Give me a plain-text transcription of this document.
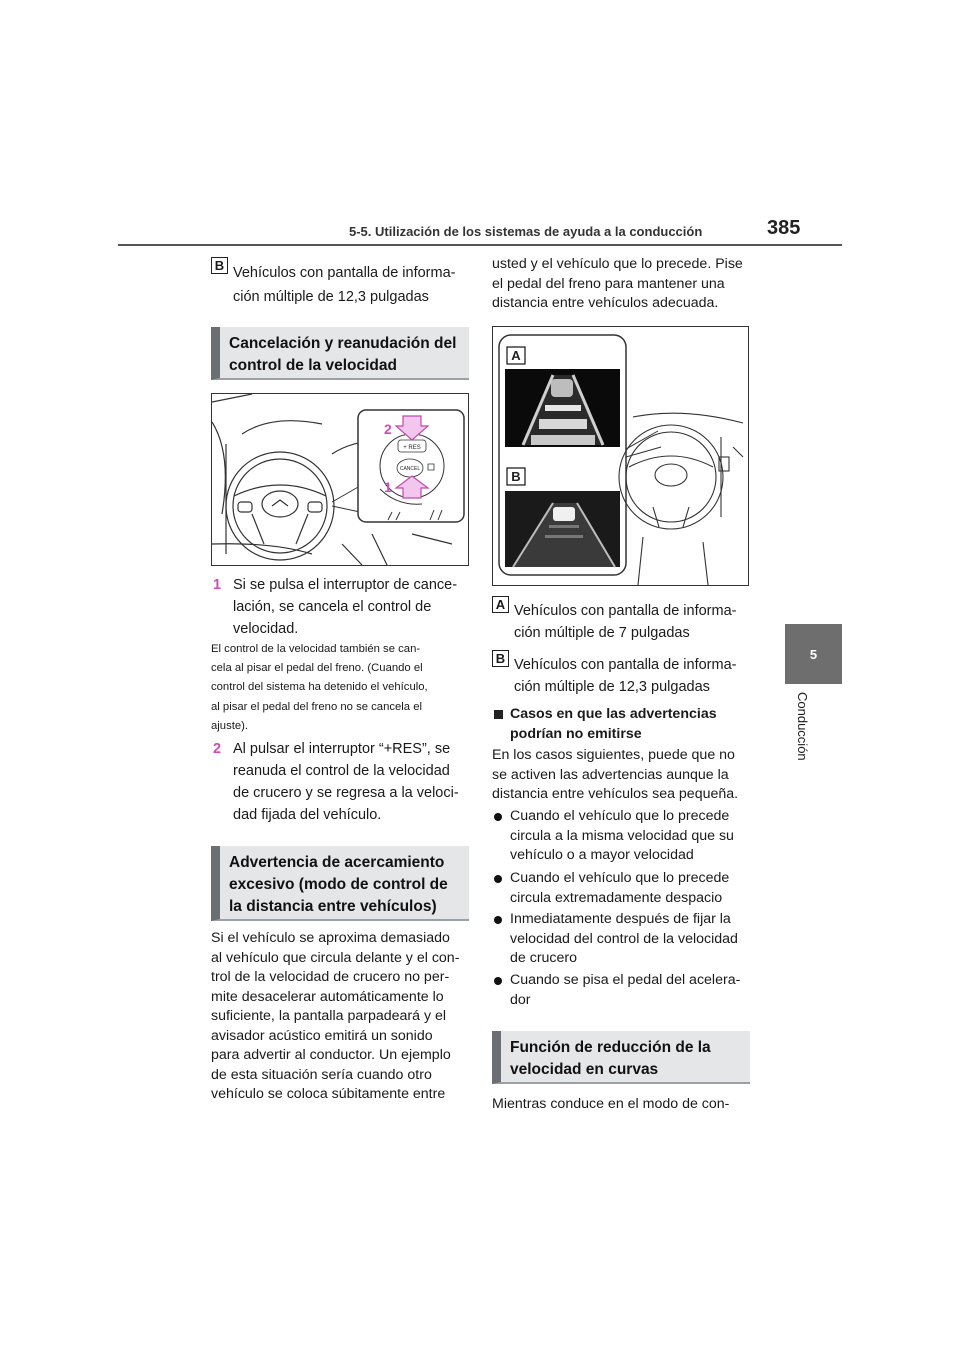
5-5. Utilización de los sistemas de ayuda a la conducción	385
5
Conducción
B Vehículos con pantalla de informa-
ción múltiple de 12,3 pulgadas
Cancelación y reanudación del
control de la velocidad
+ RES
CANCEL
2
1
1 Si se pulsa el interruptor de cance-
lación, se cancela el control de
velocidad.
El control de la velocidad también se can-
cela al pisar el pedal del freno. (Cuando el
control del sistema ha detenido el vehículo,
al pisar el pedal del freno no se cancela el
ajuste).
2 Al pulsar el interruptor “+RES”, se
reanuda el control de la velocidad
de crucero y se regresa a la veloci-
dad fijada del vehículo.
Advertencia de acercamiento
excesivo (modo de control de
la distancia entre vehículos)
Si el vehículo se aproxima demasiado
al vehículo que circula delante y el con-
trol de la velocidad de crucero no per-
mite desacelerar automáticamente lo
suficiente, la pantalla parpadeará y el
avisador acústico emitirá un sonido
para advertir al conductor. Un ejemplo
de esta situación sería cuando otro
vehículo se coloca súbitamente entre
usted y el vehículo que lo precede. Pise
el pedal del freno para mantener una
distancia entre vehículos adecuada.
A
B
A Vehículos con pantalla de informa-
ción múltiple de 7 pulgadas
B Vehículos con pantalla de informa-
ción múltiple de 12,3 pulgadas
Casos en que las advertencias
podrían no emitirse
En los casos siguientes, puede que no
se activen las advertencias aunque la
distancia entre vehículos sea pequeña.
Cuando el vehículo que lo precede
circula a la misma velocidad que su
vehículo o a mayor velocidad
Cuando el vehículo que lo precede
circula extremadamente despacio
Inmediatamente después de fijar la
velocidad del control de la velocidad
de crucero
Cuando se pisa el pedal del acelera-
dor
Función de reducción de la
velocidad en curvas
Mientras conduce en el modo de con-
